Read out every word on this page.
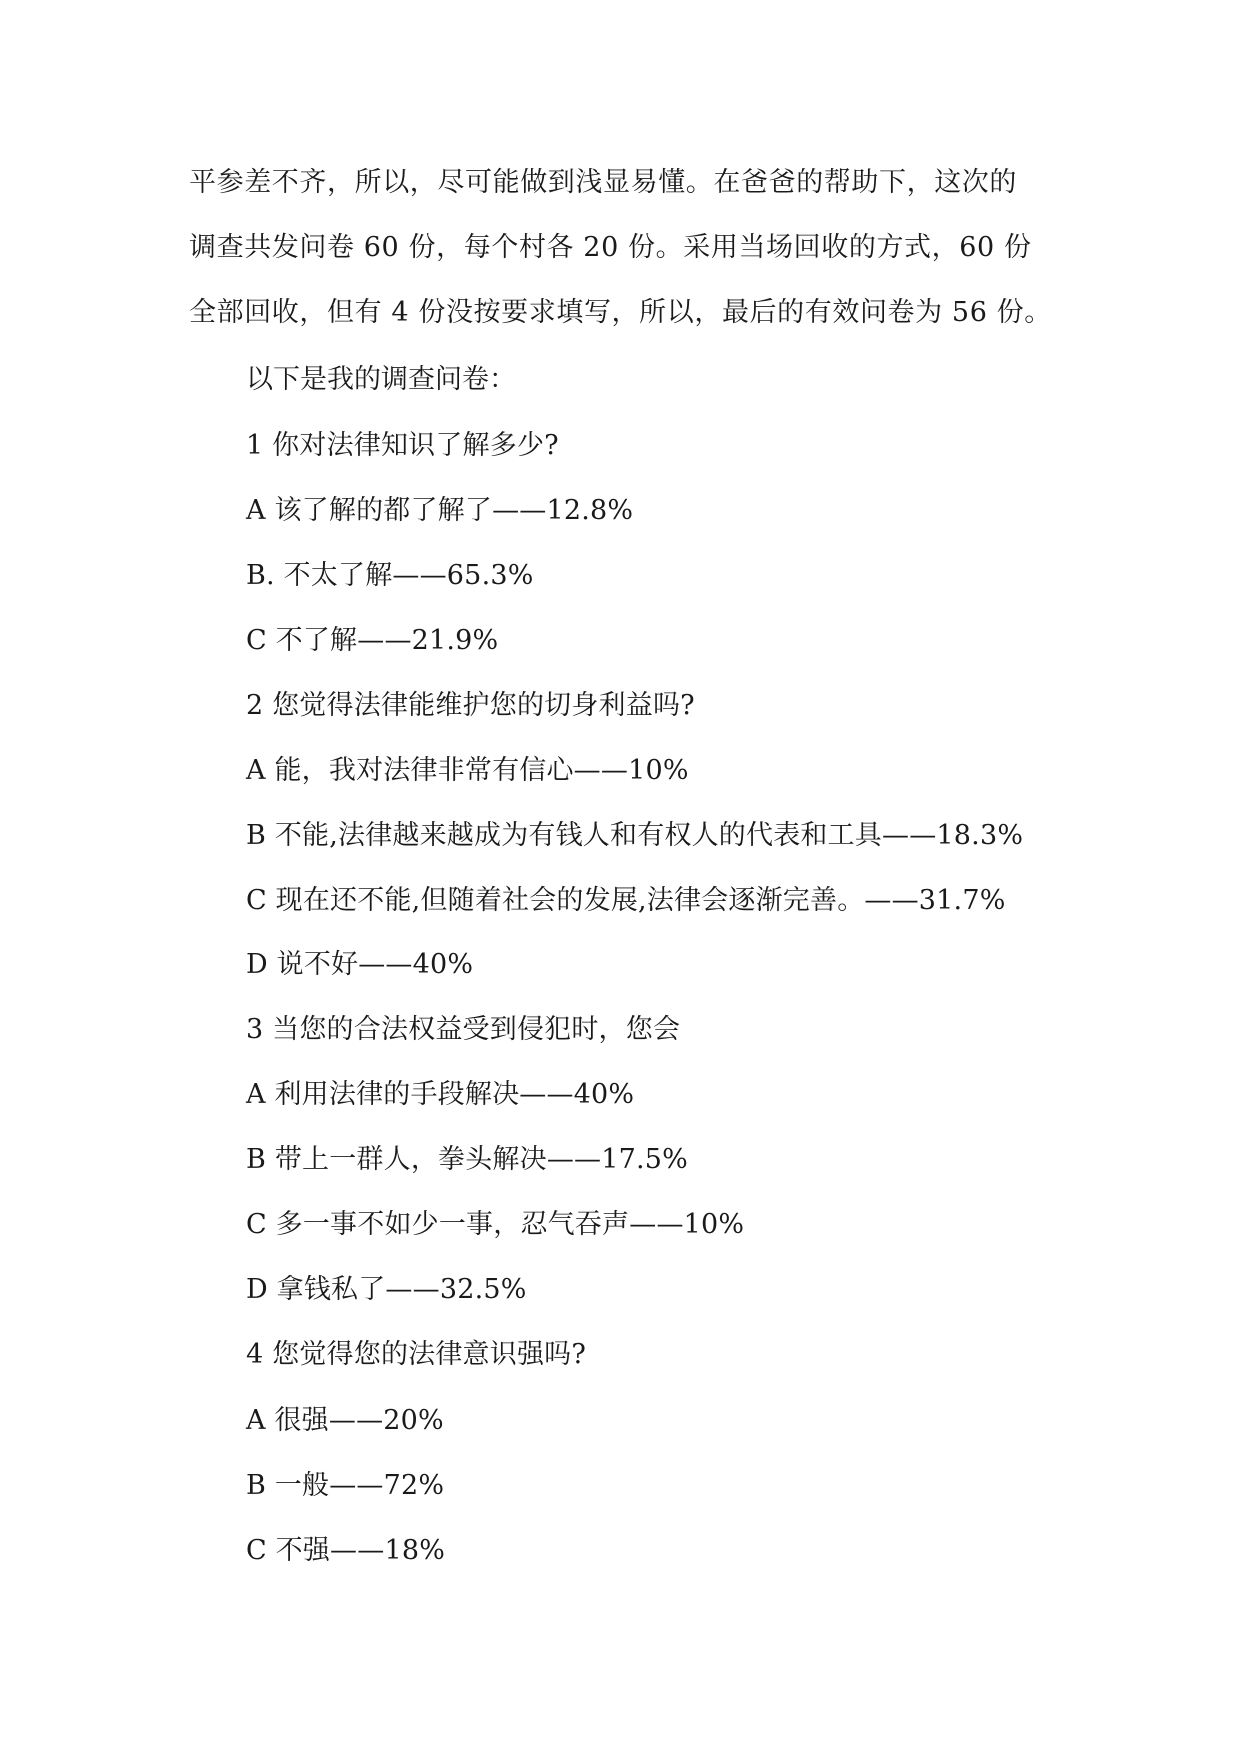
平参差不齐，所以，尽可能做到浅显易懂。在爸爸的帮助下，这次的
调查共发问卷 60 份，每个村各 20 份。采用当场回收的方式，60 份
全部回收，但有 4 份没按要求填写，所以，最后的有效问卷为 56 份。
以下是我的调查问卷：
1 你对法律知识了解多少?
A 该了解的都了解了——12.8%
B. 不太了解——65.3%
C 不了解——21.9%
2 您觉得法律能维护您的切身利益吗?
A 能，我对法律非常有信心——10%
B 不能,法律越来越成为有钱人和有权人的代表和工具——18.3%
C 现在还不能,但随着社会的发展,法律会逐渐完善。——31.7%
D 说不好——40%
3 当您的合法权益受到侵犯时，您会
A 利用法律的手段解决——40%
B 带上一群人，拳头解决——17.5%
C 多一事不如少一事，忍气吞声——10%
D 拿钱私了——32.5%
4 您觉得您的法律意识强吗?
A 很强——20%
B 一般——72%
C 不强——18%
